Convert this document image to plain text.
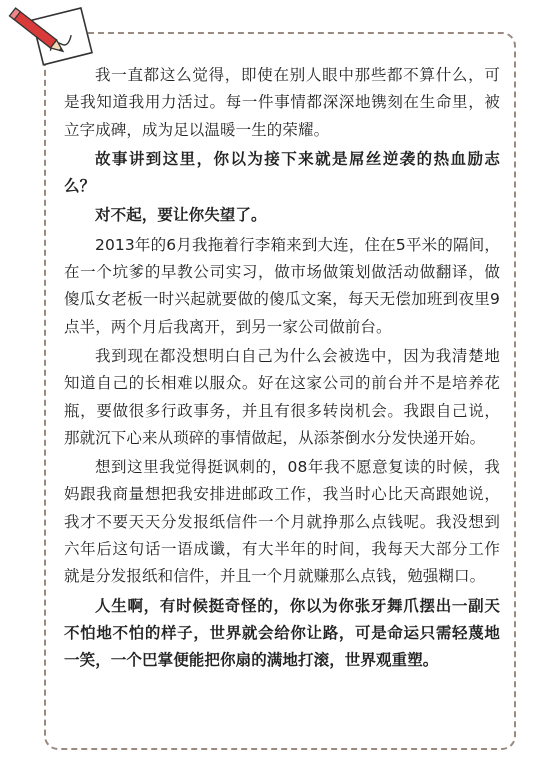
我一直都这么觉得，即使在别人眼中那些都不算什么，可是我知道我用力活过。每一件事情都深深地镌刻在生命里，被立字成碑，成为足以温暖一生的荣耀。

故事讲到这里，你以为接下来就是屌丝逆袭的热血励志么？

对不起，要让你失望了。

2013年的6月我拖着行李箱来到大连，住在5平米的隔间，在一个坑爹的早教公司实习，做市场做策划做活动做翻译，做傻瓜女老板一时兴起就要做的傻瓜文案，每天无偿加班到夜里9点半，两个月后我离开，到另一家公司做前台。

我到现在都没想明白自己为什么会被选中，因为我清楚地知道自己的长相难以服众。好在这家公司的前台并不是培养花瓶，要做很多行政事务，并且有很多转岗机会。我跟自己说，那就沉下心来从琐碎的事情做起，从添茶倒水分发快递开始。

想到这里我觉得挺讽刺的，08年我不愿意复读的时候，我妈跟我商量想把我安排进邮政工作，我当时心比天高跟她说，我才不要天天分发报纸信件一个月就挣那么点钱呢。我没想到六年后这句话一语成谶，有大半年的时间，我每天大部分工作就是分发报纸和信件，并且一个月就赚那么点钱，勉强糊口。

人生啊，有时候挺奇怪的，你以为你张牙舞爪摆出一副天不怕地不怕的样子，世界就会给你让路，可是命运只需轻蔑地一笑，一个巴掌便能把你扇的满地打滚，世界观重塑。
